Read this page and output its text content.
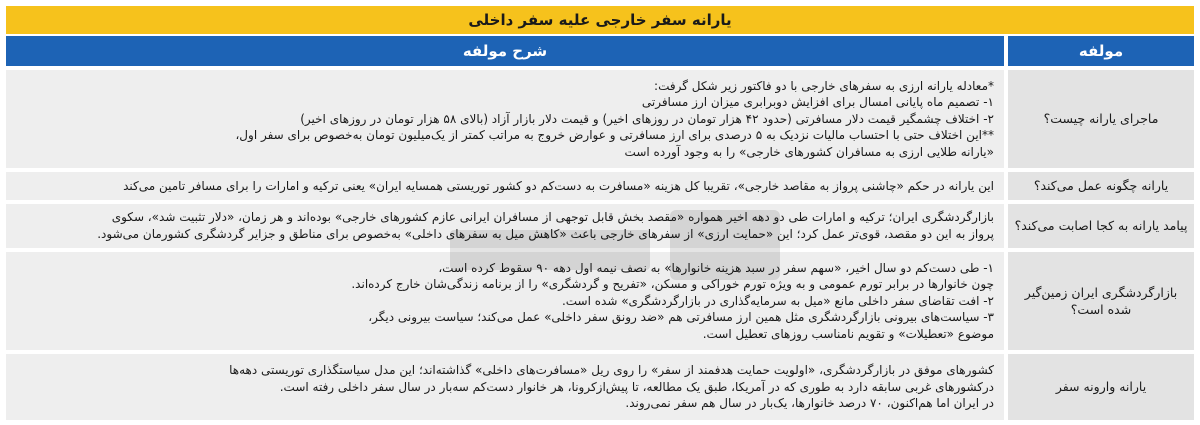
یارانه سفر خارجی علیه سفر داخلی
مولفه
شرح مولفه
ماجرای یارانه چیست؟
*معادله یارانه ارزی به سفرهای خارجی با دو فاکتور زیر شکل گرفت:
۱- تصمیم ماه پایانی امسال برای افزایش دوبرابری میزان ارز مسافرتی
۲- اختلاف چشمگیر قیمت دلار مسافرتی (حدود ۴۲ هزار تومان در روزهای اخیر) و قیمت دلار بازار آزاد (بالای ۵۸ هزار تومان در روزهای اخیر)
**این اختلاف حتی با احتساب مالیات نزدیک به ۵ درصدی برای ارز مسافرتی و عوارض خروج به مراتب کمتر از یک‌میلیون تومان به‌خصوص برای سفر اول،
«یارانه طلایی ارزی به مسافران کشورهای خارجی» را به وجود آورده است
یارانه چگونه عمل می‌کند؟
این یارانه در حکم «چاشنی پرواز به مقاصد خارجی»، تقریبا کل هزینه «مسافرت به دست‌کم دو کشور توریستی همسایه ایران» یعنی ترکیه و امارات را برای مسافر تامین می‌کند
پیامد یارانه به کجا اصابت می‌کند؟
بازارگردشگری ایران؛ ترکیه و امارات طی دو دهه اخیر همواره «مقصد بخش قابل توجهی از مسافران ایرانی عازم کشورهای خارجی» بوده‌اند و هر زمان، «دلار تثبیت شد»، سکوی
پرواز به این دو مقصد، قوی‌تر عمل کرد؛ این «حمایت ارزی» از سفرهای خارجی باعث «کاهش میل به سفرهای داخلی» به‌خصوص برای مناطق و جزایر گردشگری کشورمان می‌شود.
بازارگردشگری ایران زمین‌گیر شده است؟
۱- طی دست‌کم دو سال اخیر، «سهم سفر در سبد هزینه خانوارها» به نصف نیمه اول دهه ۹۰ سقوط کرده است،
چون خانوارها در برابر تورم عمومی و به ویژه تورم خوراکی و مسکن، «تفریح و گردشگری» را از برنامه زندگی‌شان خارج کرده‌اند.
۲- افت تقاضای سفر داخلی مانع «میل به سرمایه‌گذاری در بازارگردشگری» شده است.
۳- سیاست‌های بیرونی بازارگردشگری مثل همین ارز مسافرتی هم «ضد رونق سفر داخلی» عمل می‌کند؛ سیاست بیرونی دیگر،
موضوع «تعطیلات» و تقویم نامناسب روزهای تعطیل است.
یارانه وارونه سفر
کشورهای موفق در بازارگردشگری، «اولویت حمایت هدفمند از سفر» را روی ریل «مسافرت‌های داخلی» گذاشته‌اند؛ این مدل سیاستگذاری توریستی دهه‌ها
درکشورهای غربی سابقه دارد به طوری که در آمریکا، طبق یک مطالعه، تا پیش‌ازکرونا، هر خانوار دست‌کم سه‌بار در سال سفر داخلی رفته است.
در ایران اما هم‌اکنون، ۷۰ درصد خانوارها، یک‌بار در سال هم سفر نمی‌روند.
